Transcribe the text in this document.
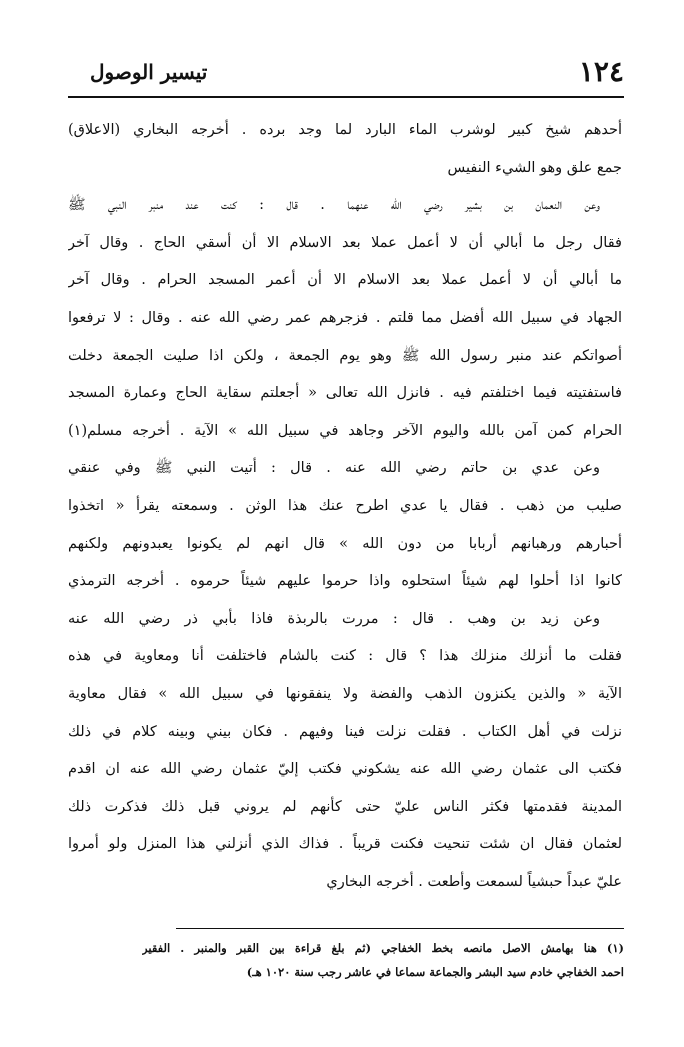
١٢٤
تيسير الوصول
أحدهم شيخ كبير لوشرب الماء البارد لما وجد برده . أخرجه البخاري (الاعلاق)
جمع علق وهو الشيء النفيس
وعن النعمان بن بشير رضي الله عنهما . قال : كنت عند منبر النبي ﷺ
فقال رجل ما أبالي أن لا أعمل عملا بعد الاسلام الا أن أسقي الحاج . وقال آخر
ما أبالي أن لا أعمل عملا بعد الاسلام الا أن أعمر المسجد الحرام . وقال آخر
الجهاد في سبيل الله أفضل مما قلتم . فزجرهم عمر رضي الله عنه . وقال : لا ترفعوا
أصواتكم عند منبر رسول الله ﷺ وهو يوم الجمعة ، ولكن اذا صليت الجمعة دخلت
فاستفتيته فيما اختلفتم فيه . فانزل الله تعالى « أجعلتم سقاية الحاج وعمارة المسجد
الحرام كمن آمن بالله واليوم الآخر وجاهد في سبيل الله » الآية . أخرجه مسلم(١)
وعن عدي بن حاتم رضي الله عنه . قال : أتيت النبي ﷺ وفي عنقي
صليب من ذهب . فقال يا عدي اطرح عنك هذا الوثن . وسمعته يقرأ « اتخذوا
أحبارهم ورهبانهم أربابا من دون الله » قال انهم لم يكونوا يعبدونهم ولكنهم
كانوا اذا أحلوا لهم شيئاً استحلوه واذا حرموا عليهم شيئاً حرموه . أخرجه الترمذي
وعن زيد بن وهب . قال : مررت بالربذة فاذا بأبي ذر رضي الله عنه
فقلت ما أنزلك منزلك هذا ؟ قال : كنت بالشام فاختلفت أنا ومعاوية في هذه
الآية « والذين يكنزون الذهب والفضة ولا ينفقونها في سبيل الله » فقال معاوية
نزلت في أهل الكتاب . فقلت نزلت فينا وفيهم . فكان بيني وبينه كلام في ذلك
فكتب الى عثمان رضي الله عنه يشكوني فكتب إليّ عثمان رضي الله عنه ان اقدم
المدينة فقدمتها فكثر الناس عليّ حتى كأنهم لم يروني قبل ذلك فذكرت ذلك
لعثمان فقال ان شئت تنحيت فكنت قريباً . فذاك الذي أنزلني هذا المنزل ولو أمروا
عليّ عبداً حبشياً لسمعت وأطعت . أخرجه البخاري
(١) هنا بهامش الاصل مانصه بخط الخفاجي (ثم بلغ قراءة بين القبر والمنبر . الفقير
احمد الخفاجي خادم سيد البشر والجماعة سماعا في عاشر رجب سنة ١٠٢٠ هـ)
